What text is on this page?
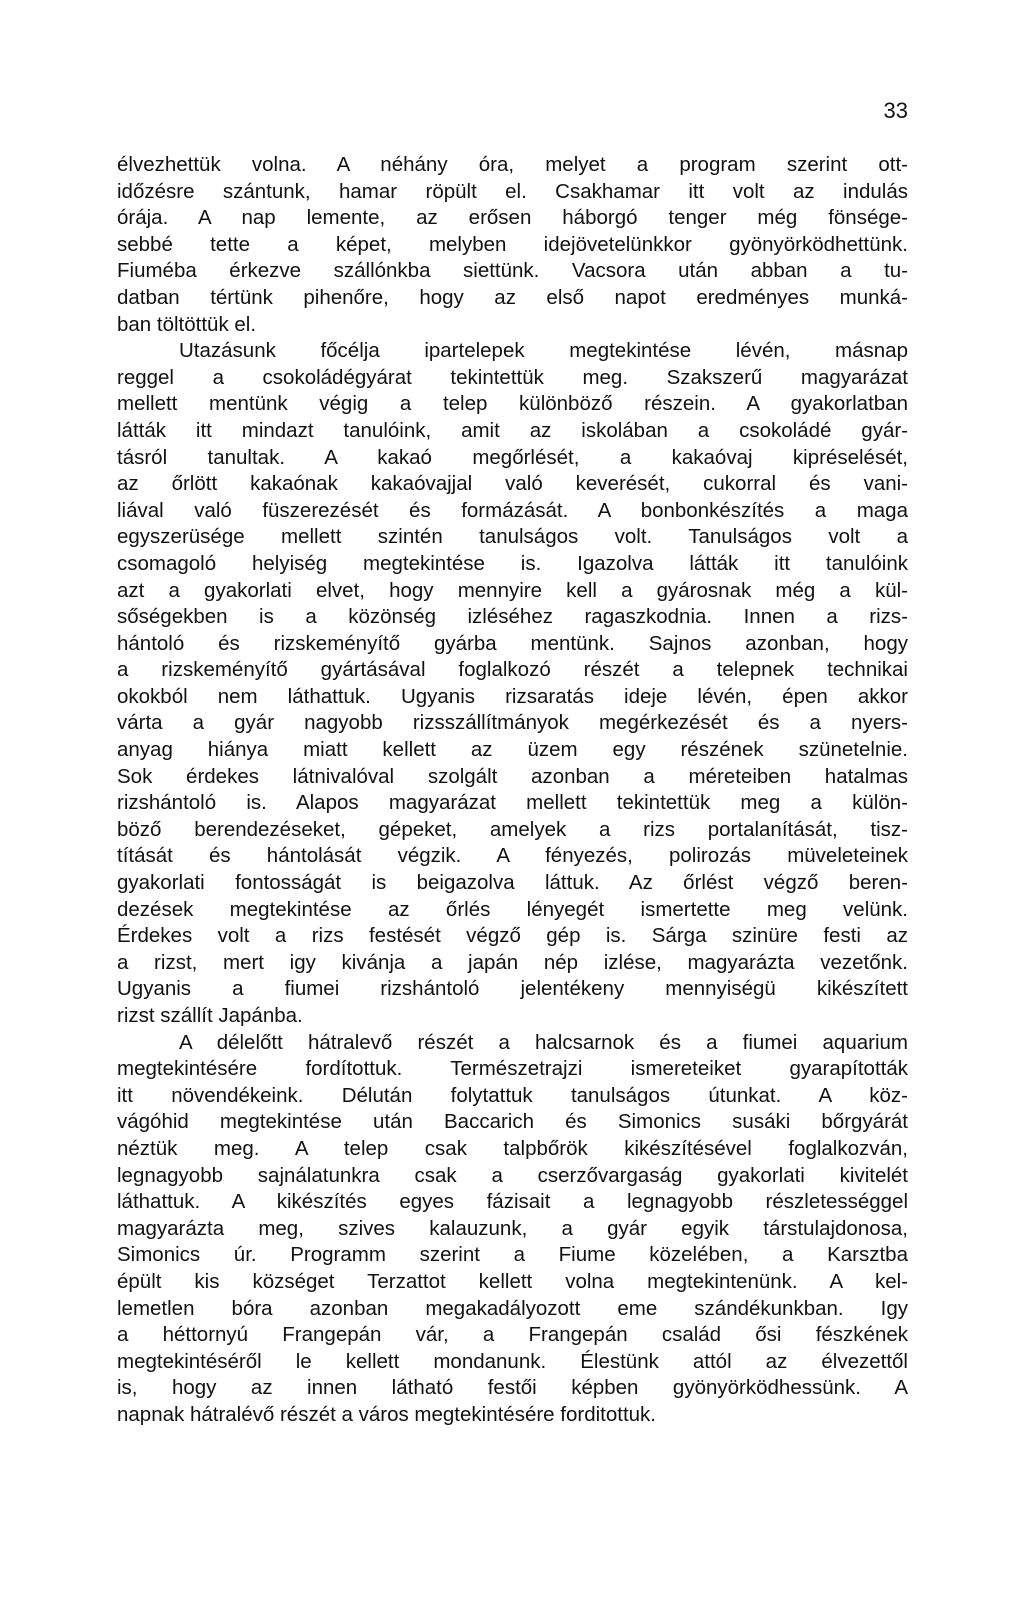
33
élvezhettük volna. A néhány óra, melyet a program szerint ott-
időzésre szántunk, hamar röpült el. Csakhamar itt volt az indulás
órája. A nap lemente, az erősen háborgó tenger még fönsége-
sebbé tette a képet, melyben idejövetelünkkor gyönyörködhettünk.
Fiuméba érkezve szállónkba siettünk. Vacsora után abban a tu-
datban tértünk pihenőre, hogy az első napot eredményes munká-
ban töltöttük el.
Utazásunk főcélja ipartelepek megtekintése lévén, másnap
reggel a csokoládégyárat tekintettük meg. Szakszerű magyarázat
mellett mentünk végig a telep különböző részein. A gyakorlatban
látták itt mindazt tanulóink, amit az iskolában a csokoládé gyár-
tásról tanultak. A kakaó megőrlését, a kakaóvaj kipréselését,
az őrlött kakaónak kakaóvajjal való keverését, cukorral és vani-
liával való füszerezését és formázását. A bonbonkészítés a maga
egyszerüsége mellett szintén tanulságos volt. Tanulságos volt a
csomagoló helyiség megtekintése is. Igazolva látták itt tanulóink
azt a gyakorlati elvet, hogy mennyire kell a gyárosnak még a kül-
sőségekben is a közönség izléséhez ragaszkodnia. Innen a rizs-
hántoló és rizskeményítő gyárba mentünk. Sajnos azonban, hogy
a rizskeményítő gyártásával foglalkozó részét a telepnek technikai
okokból nem láthattuk. Ugyanis rizsaratás ideje lévén, épen akkor
várta a gyár nagyobb rizsszállítmányok megérkezését és a nyers-
anyag hiánya miatt kellett az üzem egy részének szünetelnie.
Sok érdekes látnivalóval szolgált azonban a méreteiben hatalmas
rizshántoló is. Alapos magyarázat mellett tekintettük meg a külön-
böző berendezéseket, gépeket, amelyek a rizs portalanítását, tisz-
títását és hántolását végzik. A fényezés, polirozás müveleteinek
gyakorlati fontosságát is beigazolva láttuk. Az őrlést végző beren-
dezések megtekintése az őrlés lényegét ismertette meg velünk.
Érdekes volt a rizs festését végző gép is. Sárga szinüre festi az
a rizst, mert igy kivánja a japán nép izlése, magyarázta vezetőnk.
Ugyanis a fiumei rizshántoló jelentékeny mennyiségü kikészített
rizst szállít Japánba.
A délelőtt hátralevő részét a halcsarnok és a fiumei aquarium
megtekintésére fordítottuk. Természetrajzi ismereteiket gyarapították
itt növendékeink. Délután folytattuk tanulságos útunkat. A köz-
vágóhid megtekintése után Baccarich és Simonics susáki bőrgyárát
néztük meg. A telep csak talpbőrök kikészítésével foglalkozván,
legnagyobb sajnálatunkra csak a cserzővargaság gyakorlati kivitelét
láthattuk. A kikészítés egyes fázisait a legnagyobb részletességgel
magyarázta meg, szives kalauzunk, a gyár egyik társtulajdonosa,
Simonics úr. Programm szerint a Fiume közelében, a Karsztba
épült kis községet Terzattot kellett volna megtekintenünk. A kel-
lemetlen bóra azonban megakadályozott eme szándékunkban. Igy
a héttornyú Frangepán vár, a Frangepán család ősi fészkének
megtekintéséről le kellett mondanunk. Élestünk attól az élvezettől
is, hogy az innen látható festői képben gyönyörködhessünk. A
napnak hátralévő részét a város megtekintésére forditottuk.
